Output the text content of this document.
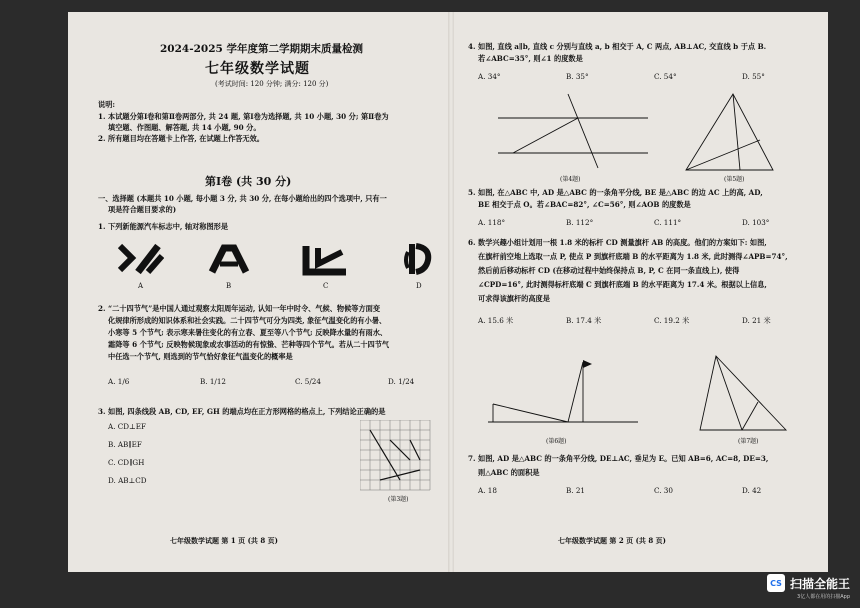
2024-2025 学年度第二学期期末质量检测
七年级数学试题
(考试时间: 120 分钟; 满分: 120 分)
说明:
1. 本试题分第Ⅰ卷和第Ⅱ卷两部分, 共 24 题, 第Ⅰ卷为选择题, 共 10 小题, 30 分; 第Ⅱ卷为
填空题、作图题、解答题, 共 14 小题, 90 分。
2. 所有题目均在答题卡上作答, 在试题上作答无效。
第Ⅰ卷 (共 30 分)
一、选择题 (本题共 10 小题, 每小题 3 分, 共 30 分, 在每小题给出的四个选项中, 只有一
项是符合题目要求的)
1. 下列新能源汽车标志中, 轴对称图形是
A	B	C	D
2. “二十四节气”是中国人通过观察太阳周年运动, 认知一年中时令、气候、物候等方面变
化规律所形成的知识体系和社会实践。二十四节气可分为四类, 象征气温变化的有小暑、
小寒等 5 个节气; 表示寒来暑往变化的有立春、夏至等八个节气; 反映降水量的有雨水、
霜降等 6 个节气; 反映物候现象或农事活动的有惊蛰、芒种等四个节气。若从二十四节气
中任选一个节气, 则选到的节气恰好象征气温变化的概率是
A. 1/6	B. 1/12	C. 5/24	D. 1/24
3. 如图, 四条线段 AB, CD, EF, GH 的端点均在正方形网格的格点上, 下列结论正确的是
A. CD⊥EF
B. AB∥EF
C. CD∥GH
D. AB⊥CD
(第3题)
七年级数学试题 第 1 页 (共 8 页)
4. 如图, 直线 a∥b, 直线 c 分别与直线 a, b 相交于 A, C 两点, AB⊥AC, 交直线 b 于点 B.
若∠ABC=35°, 则∠1 的度数是
A. 34°	B. 35°	C. 54°	D. 55°
(第4题)	(第5题)
5. 如图, 在△ABC 中, AD 是△ABC 的一条角平分线, BE 是△ABC 的边 AC 上的高, AD,
BE 相交于点 O。若∠BAC=82°, ∠C=56°, 则∠AOB 的度数是
A. 118°	B. 112°	C. 111°	D. 103°
6. 数学兴趣小组计划用一根 1.8 米的标杆 CD 测量旗杆 AB 的高度。他们的方案如下: 如图,
在旗杆前空地上选取一点 P, 使点 P 到旗杆底端 B 的水平距离为 1.8 米, 此时测得∠APB=74°,
然后前后移动标杆 CD (在移动过程中始终保持点 B, P, C 在同一条直线上), 使得
∠CPD=16°, 此时测得标杆底端 C 到旗杆底端 B 的水平距离为 17.4 米。根据以上信息,
可求得该旗杆的高度是
A. 15.6 米	B. 17.4 米	C. 19.2 米	D. 21 米
(第6题)	(第7题)
7. 如图, AD 是△ABC 的一条角平分线, DE⊥AC, 垂足为 E。已知 AB=6, AC=8, DE=3,
则△ABC 的面积是
A. 18	B. 21	C. 30	D. 42
七年级数学试题 第 2 页 (共 8 页)
CS 扫描全能王
3亿人都在用的扫描App
